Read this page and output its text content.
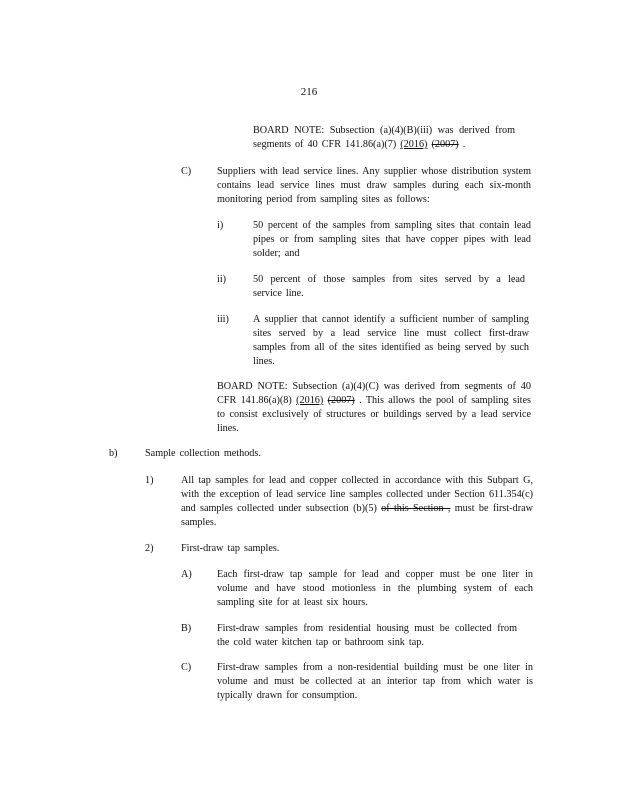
216

BOARD NOTE: Subsection (a)(4)(B)(iii) was derived from segments of 40 CFR 141.86(a)(7) (2016) (2007) .

C)	Suppliers with lead service lines. Any supplier whose distribution system contains lead service lines must draw samples during each six-month monitoring period from sampling sites as follows:

i)	50 percent of the samples from sampling sites that contain lead pipes or from sampling sites that have copper pipes with lead solder; and

ii)	50 percent of those samples from sites served by a lead service line.

iii) A supplier that cannot identify a sufficient number of sampling sites served by a lead service line must collect first-draw samples from all of the sites identified as being served by such lines.

BOARD NOTE: Subsection (a)(4)(C) was derived from segments of 40 CFR 141.86(a)(8) (2016) (2007) . This allows the pool of sampling sites to consist exclusively of structures or buildings served by a lead service lines.

b)	Sample collection methods.

1)	All tap samples for lead and copper collected in accordance with this Subpart G, with the exception of lead service line samples collected under Section 611.354(c) and samples collected under subsection (b)(5) of this Section , must be first-draw samples.

2)	First-draw tap samples.

A) Each first-draw tap sample for lead and copper must be one liter in volume and have stood motionless in the plumbing system of each sampling site for at least six hours.

B)	First-draw samples from residential housing must be collected from the cold water kitchen tap or bathroom sink tap.

C)	First-draw samples from a non-residential building must be one liter in volume and must be collected at an interior tap from which water is typically drawn for consumption.
